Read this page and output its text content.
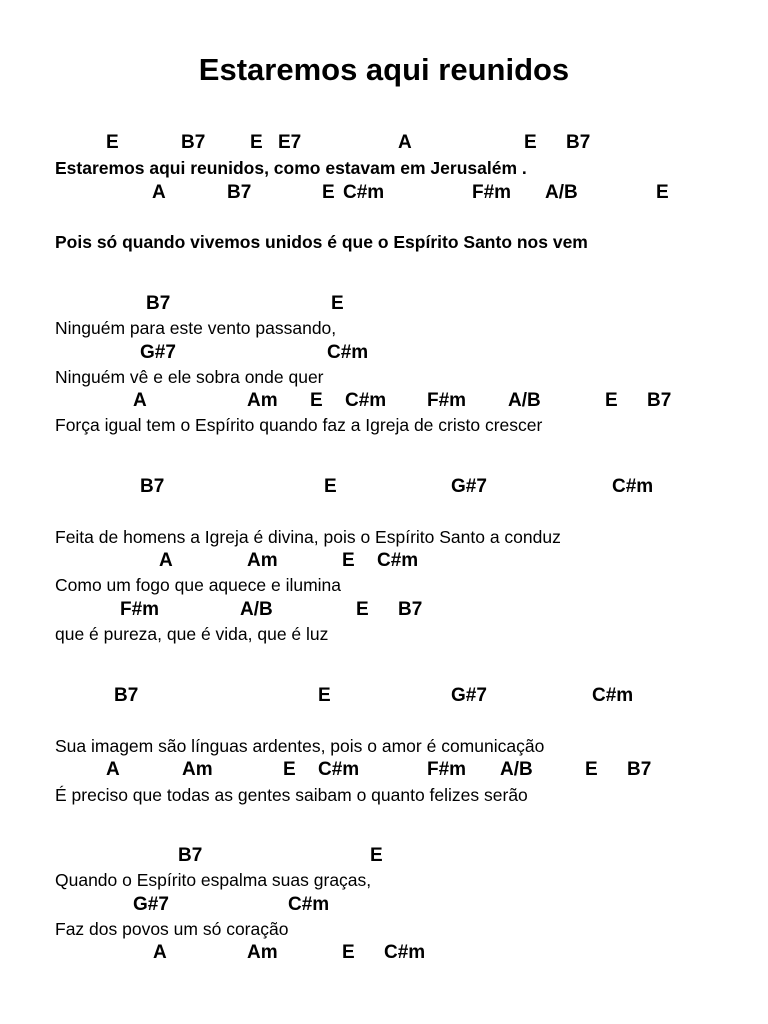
Estaremos aqui reunidos
E	B7 E E7	A	E B7
Estaremos aqui reunidos, como estavam em Jerusalém .
A	B7	E C#m	F#m A/B	E
Pois só quando vivemos unidos é que o Espírito Santo nos vem
B7	E
Ninguém para este vento passando,
G#7	C#m
Ninguém vê e ele sobra onde quer
A	Am E C#m F#m A/B	E B7
Força igual tem o Espírito quando faz a Igreja de cristo crescer
B7	E	G#7	C#m
Feita de homens a Igreja é divina, pois o Espírito Santo a conduz
A	Am	E C#m
Como um fogo que aquece e ilumina
F#m	A/B	E B7
que é pureza, que é vida, que é luz
B7	E	G#7	C#m
Sua imagem são línguas ardentes, pois o amor é comunicação
A	Am	E C#m	F#m A/B	E B7
É preciso que todas as gentes saibam o quanto felizes serão
B7	E
Quando o Espírito espalma suas graças,
G#7	C#m
Faz dos povos um só coração
A	Am	E C#m
